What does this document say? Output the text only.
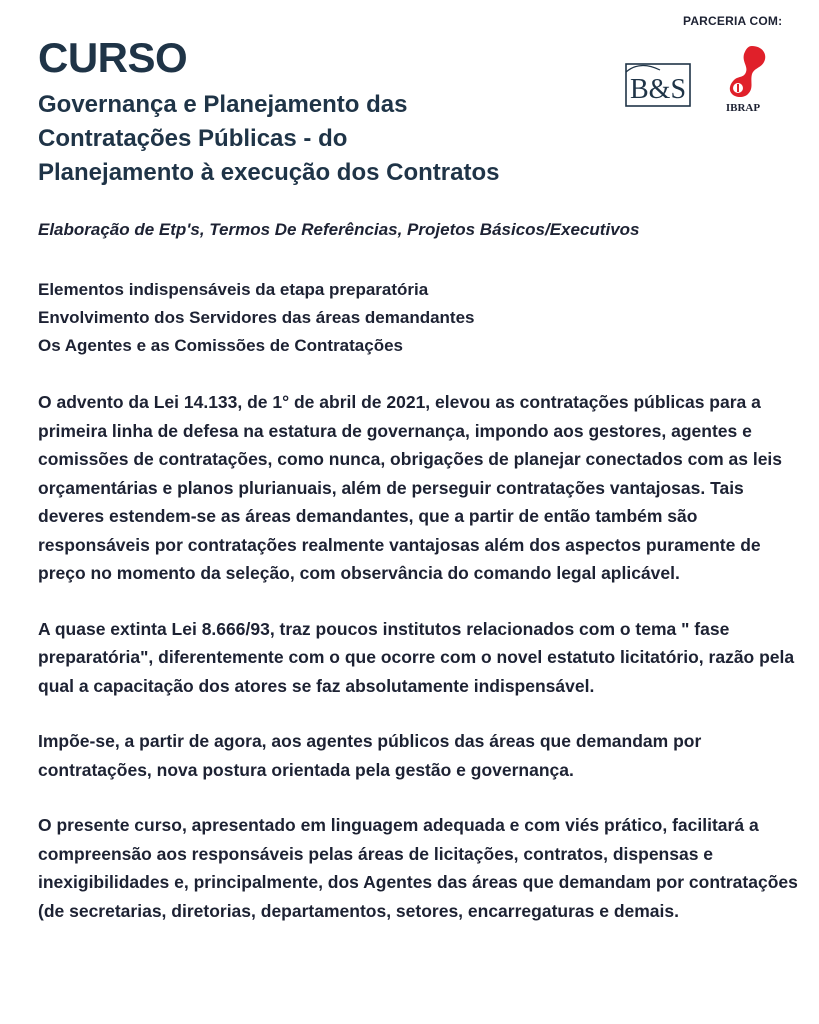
PARCERIA COM:
B&S
IBRAP
CURSO
Governança e Planejamento das
Contratações Públicas - do
Planejamento à execução dos Contratos
Elaboração de Etp's, Termos De Referências, Projetos Básicos/Executivos
Elementos indispensáveis da etapa preparatória
Envolvimento dos Servidores das áreas demandantes
Os Agentes e as Comissões de Contratações

O advento da Lei 14.133, de 1° de abril de 2021, elevou as contratações públicas para a primeira linha de defesa na estatura de governança, impondo aos gestores, agentes e comissões de contratações, como nunca, obrigações de planejar conectados com as leis orçamentárias e planos plurianuais, além de perseguir contratações vantajosas. Tais deveres estendem-se as áreas demandantes, que a partir de então também são responsáveis por contratações realmente vantajosas além dos aspectos puramente de preço no momento da seleção, com observância do comando legal aplicável.

A quase extinta Lei 8.666/93, traz poucos institutos relacionados com o tema " fase preparatória", diferentemente com o que ocorre com o novel estatuto licitatório, razão pela qual a capacitação dos atores se faz absolutamente indispensável.

Impõe-se, a partir de agora, aos agentes públicos das áreas que demandam por contratações, nova postura orientada pela gestão e governança.

O presente curso, apresentado em linguagem adequada e com viés prático, facilitará a compreensão aos responsáveis pelas áreas de licitações, contratos, dispensas e inexigibilidades e, principalmente, dos Agentes das áreas que demandam por contratações (de secretarias, diretorias, departamentos, setores, encarregaturas e demais.
